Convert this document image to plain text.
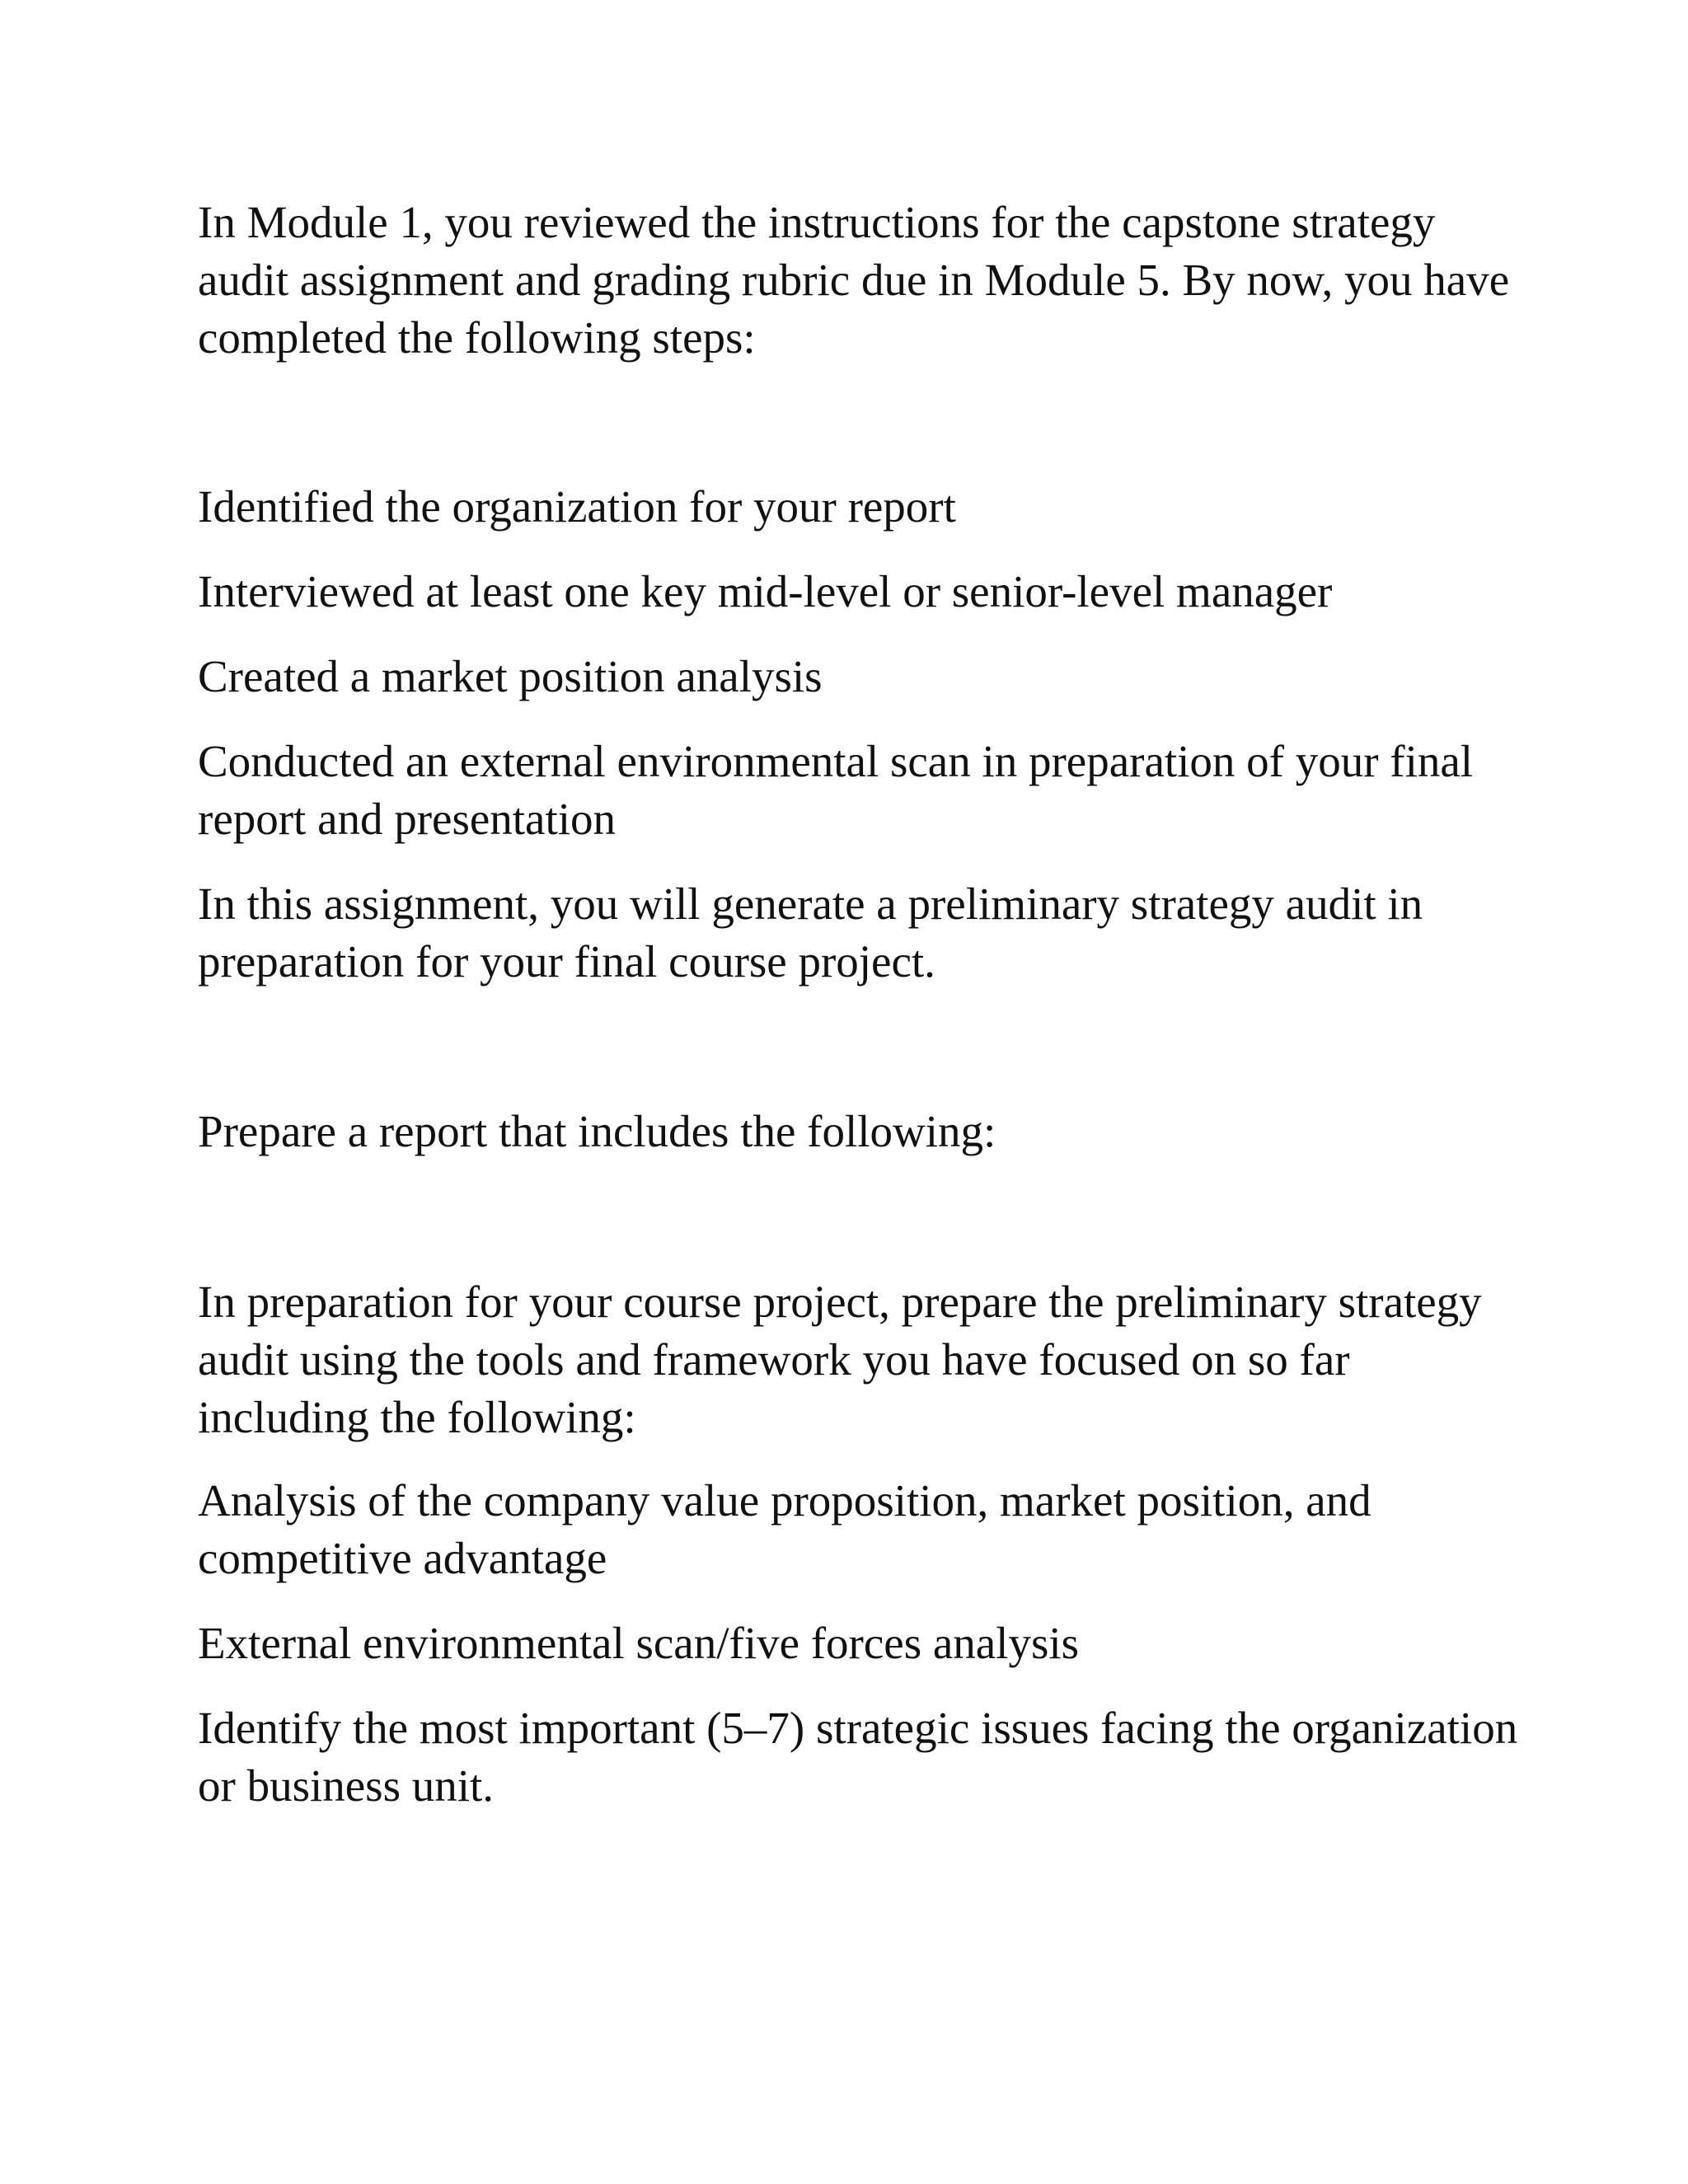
In Module 1, you reviewed the instructions for the capstone strategy
audit assignment and grading rubric due in Module 5. By now, you have
completed the following steps:

Identified the organization for your report

Interviewed at least one key mid-level or senior-level manager

Created a market position analysis

Conducted an external environmental scan in preparation of your final
report and presentation

In this assignment, you will generate a preliminary strategy audit in
preparation for your final course project.

Prepare a report that includes the following:

In preparation for your course project, prepare the preliminary strategy
audit using the tools and framework you have focused on so far
including the following:

Analysis of the company value proposition, market position, and
competitive advantage

External environmental scan/five forces analysis

Identify the most important (5–7) strategic issues facing the organization
or business unit.
